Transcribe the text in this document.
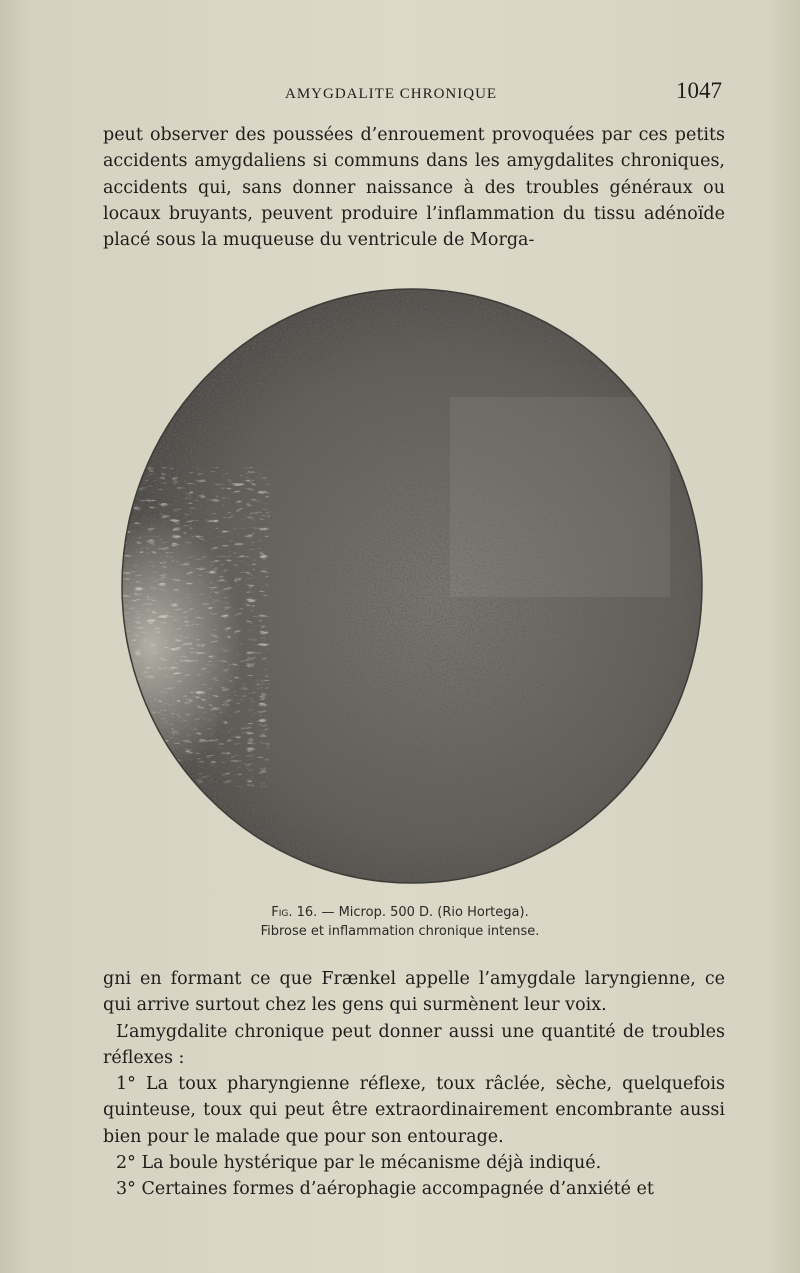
AMYGDALITE CHRONIQUE	1047

peut observer des poussées d’enrouement provoquées par ces petits accidents amygdaliens si communs dans les amygdalites chroniques, accidents qui, sans donner naissance à des troubles généraux ou locaux bruyants, peuvent produire l’inflammation du tissu adénoïde placé sous la muqueuse du ventricule de Morga-

Fig. 16. — Microp. 500 D. (Rio Hortega).

Fibrose et inflammation chronique intense.

gni en formant ce que Frænkel appelle l’amygdale laryngienne, ce qui arrive surtout chez les gens qui surmènent leur voix.

L’amygdalite chronique peut donner aussi une quantité de troubles réflexes :

1° La toux pharyngienne réflexe, toux râclée, sèche, quelquefois quinteuse, toux qui peut être extraordinairement encombrante aussi bien pour le malade que pour son entourage.

2° La boule hystérique par le mécanisme déjà indiqué.

3° Certaines formes d’aérophagie accompagnée d’anxiété et
